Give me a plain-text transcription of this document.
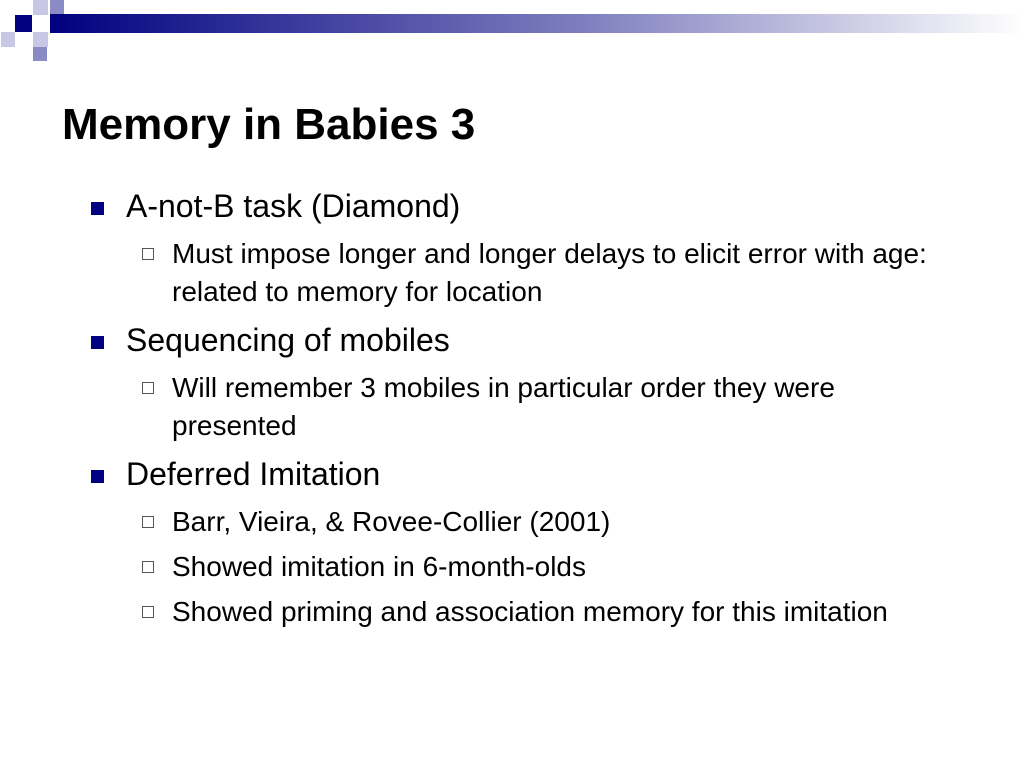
Memory in Babies 3
A-not-B task (Diamond)
Must impose longer and longer delays to elicit error with age: related to memory for location
Sequencing of mobiles
Will remember 3 mobiles in particular order they were presented
Deferred Imitation
Barr, Vieira, & Rovee-Collier (2001)
Showed imitation in 6-month-olds
Showed priming and association memory for this imitation
